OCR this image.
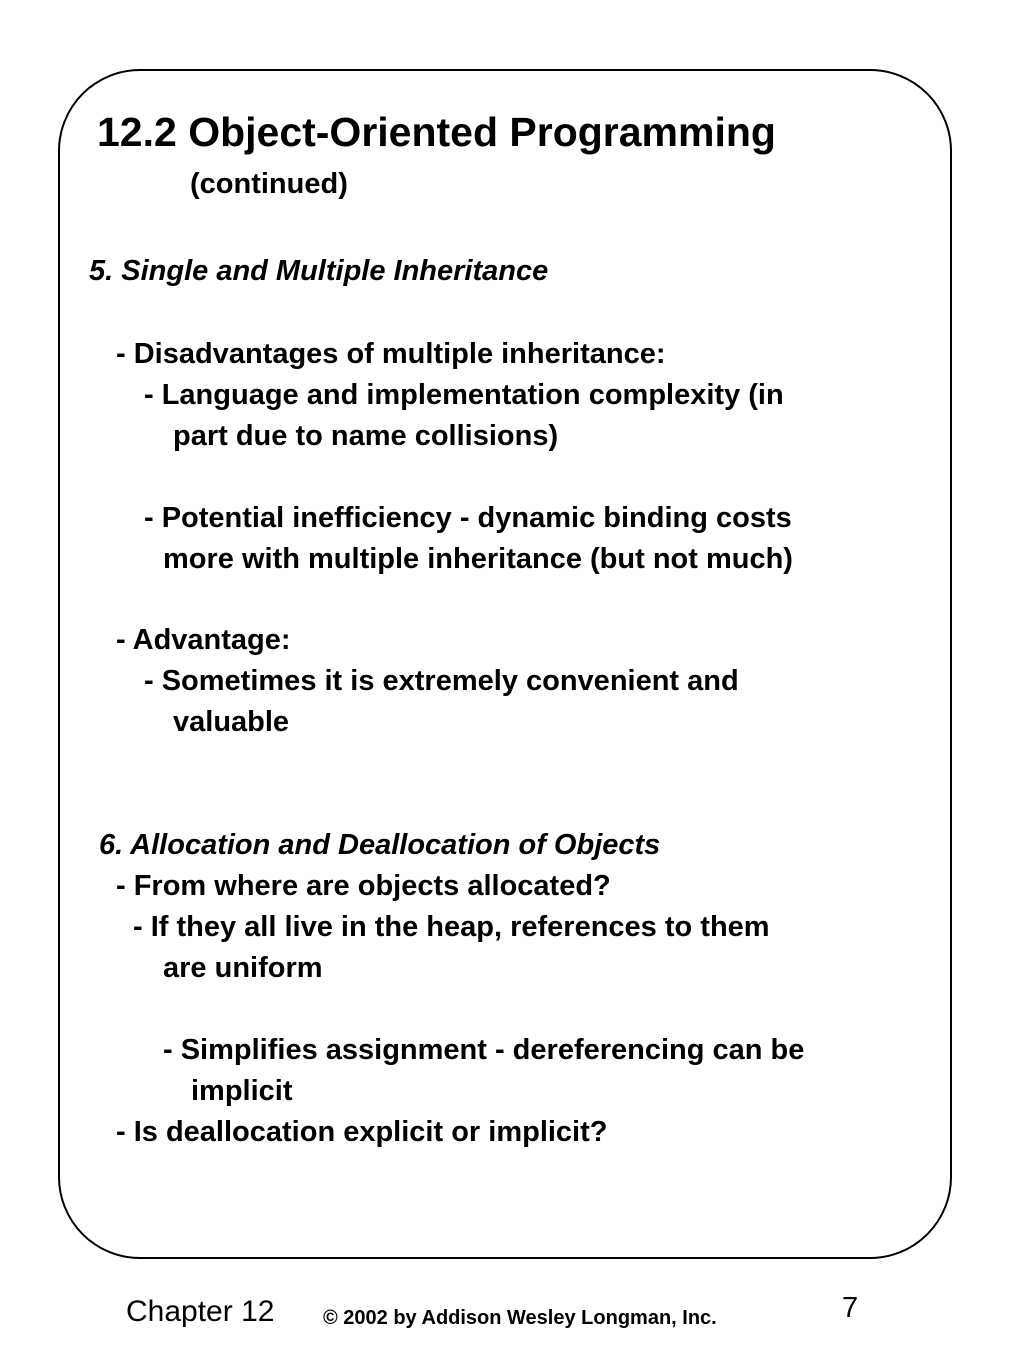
12.2 Object-Oriented Programming
(continued)
5. Single and Multiple Inheritance
- Disadvantages of multiple inheritance:
- Language and implementation complexity (in
part due to name collisions)
- Potential inefficiency - dynamic binding costs
more with multiple inheritance (but not much)
- Advantage:
- Sometimes it is extremely convenient and
valuable
6. Allocation and Deallocation of Objects
- From where are objects allocated?
- If they all live in the heap, references to them
are uniform
- Simplifies assignment - dereferencing can be
implicit
- Is deallocation explicit or implicit?
Chapter 12 © 2002 by Addison Wesley Longman, Inc.	7
